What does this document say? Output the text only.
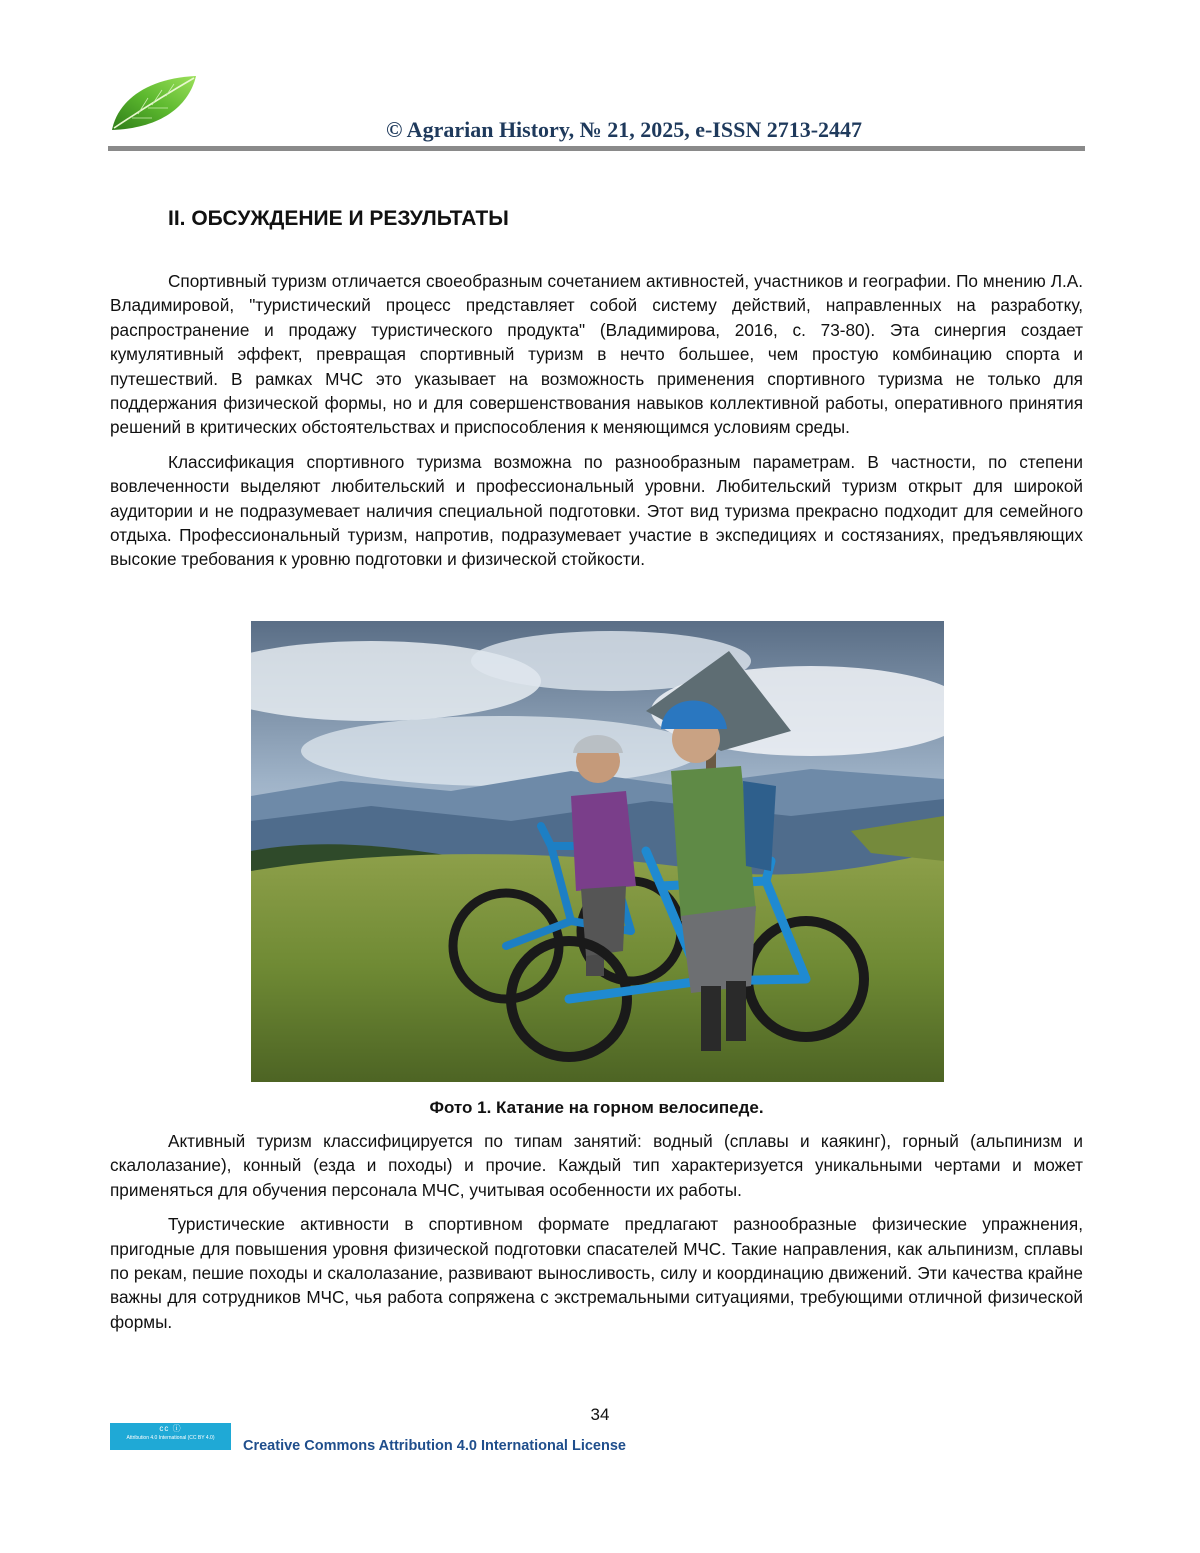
© Agrarian History, № 21, 2025, e-ISSN 2713-2447
II. ОБСУЖДЕНИЕ И РЕЗУЛЬТАТЫ

Спортивный туризм отличается своеобразным сочетанием активностей, участников и географии. По мнению Л.А. Владимировой, "туристический процесс представляет собой систему действий, направленных на разработку, распространение и продажу туристического продукта" (Владимирова, 2016, с. 73-80). Эта синергия создает кумулятивный эффект, превращая спортивный туризм в нечто большее, чем простую комбинацию спорта и путешествий. В рамках МЧС это указывает на возможность применения спортивного туризма не только для поддержания физической формы, но и для совершенствования навыков коллективной работы, оперативного принятия решений в критических обстоятельствах и приспособления к меняющимся условиям среды.

Классификация спортивного туризма возможна по разнообразным параметрам. В частности, по степени вовлеченности выделяют любительский и профессиональный уровни. Любительский туризм открыт для широкой аудитории и не подразумевает наличия специальной подготовки. Этот вид туризма прекрасно подходит для семейного отдыха. Профессиональный туризм, напротив, подразумевает участие в экспедициях и состязаниях, предъявляющих высокие требования к уровню подготовки и физической стойкости.

Фото 1. Катание на горном велосипеде.

Активный туризм классифицируется по типам занятий: водный (сплавы и каякинг), горный (альпинизм и скалолазание), конный (езда и походы) и прочие. Каждый тип характеризуется уникальными чертами и может применяться для обучения персонала МЧС, учитывая особенности их работы.

Туристические активности в спортивном формате предлагают разнообразные физические упражнения, пригодные для повышения уровня физической подготовки спасателей МЧС. Такие направления, как альпинизм, сплавы по рекам, пешие походы и скалолазание, развивают выносливость, силу и координацию движений. Эти качества крайне важны для сотрудников МЧС, чья работа сопряжена с экстремальными ситуациями, требующими отличной физической формы.

34
cc ⓘ
Attribution 4.0 International (CC BY 4.0)	Creative Commons Attribution 4.0 International License
